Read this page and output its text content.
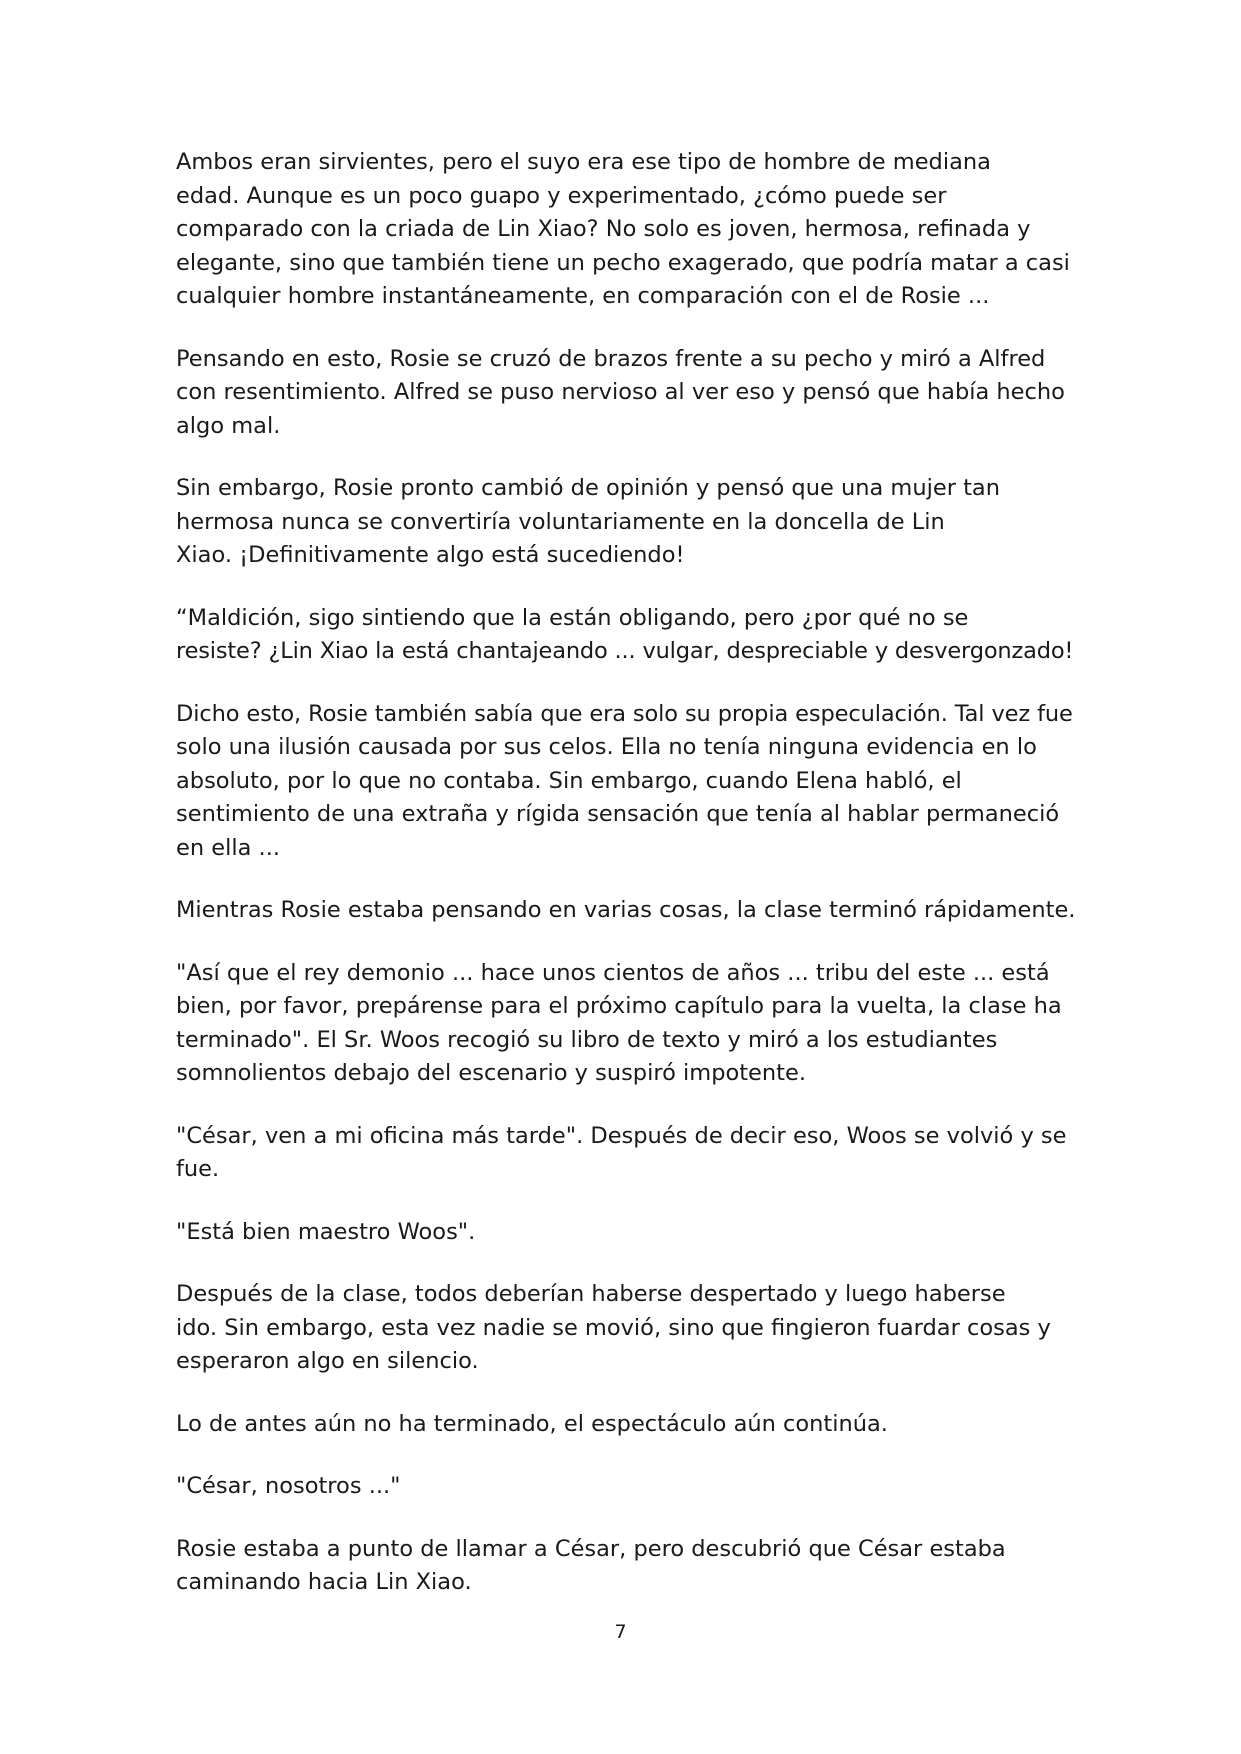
Ambos eran sirvientes, pero el suyo era ese tipo de hombre de mediana
edad. Aunque es un poco guapo y experimentado, ¿cómo puede ser
comparado con la criada de Lin Xiao? No solo es joven, hermosa, refinada y
elegante, sino que también tiene un pecho exagerado, que podría matar a casi
cualquier hombre instantáneamente, en comparación con el de Rosie ...

Pensando en esto, Rosie se cruzó de brazos frente a su pecho y miró a Alfred
con resentimiento. Alfred se puso nervioso al ver eso y pensó que había hecho
algo mal.

Sin embargo, Rosie pronto cambió de opinión y pensó que una mujer tan
hermosa nunca se convertiría voluntariamente en la doncella de Lin
Xiao. ¡Definitivamente algo está sucediendo!

“Maldición, sigo sintiendo que la están obligando, pero ¿por qué no se
resiste? ¿Lin Xiao la está chantajeando ... vulgar, despreciable y desvergonzado!

Dicho esto, Rosie también sabía que era solo su propia especulación. Tal vez fue
solo una ilusión causada por sus celos. Ella no tenía ninguna evidencia en lo
absoluto, por lo que no contaba. Sin embargo, cuando Elena habló, el
sentimiento de una extraña y rígida sensación que tenía al hablar permaneció
en ella ...

Mientras Rosie estaba pensando en varias cosas, la clase terminó rápidamente.

"Así que el rey demonio ... hace unos cientos de años ... tribu del este ... está
bien, por favor, prepárense para el próximo capítulo para la vuelta, la clase ha
terminado". El Sr. Woos recogió su libro de texto y miró a los estudiantes
somnolientos debajo del escenario y suspiró impotente.

"César, ven a mi oficina más tarde". Después de decir eso, Woos se volvió y se
fue.

"Está bien maestro Woos".

Después de la clase, todos deberían haberse despertado y luego haberse
ido. Sin embargo, esta vez nadie se movió, sino que fingieron fuardar cosas y
esperaron algo en silencio.

Lo de antes aún no ha terminado, el espectáculo aún continúa.

"César, nosotros ..."

Rosie estaba a punto de llamar a César, pero descubrió que César estaba
caminando hacia Lin Xiao.

7
